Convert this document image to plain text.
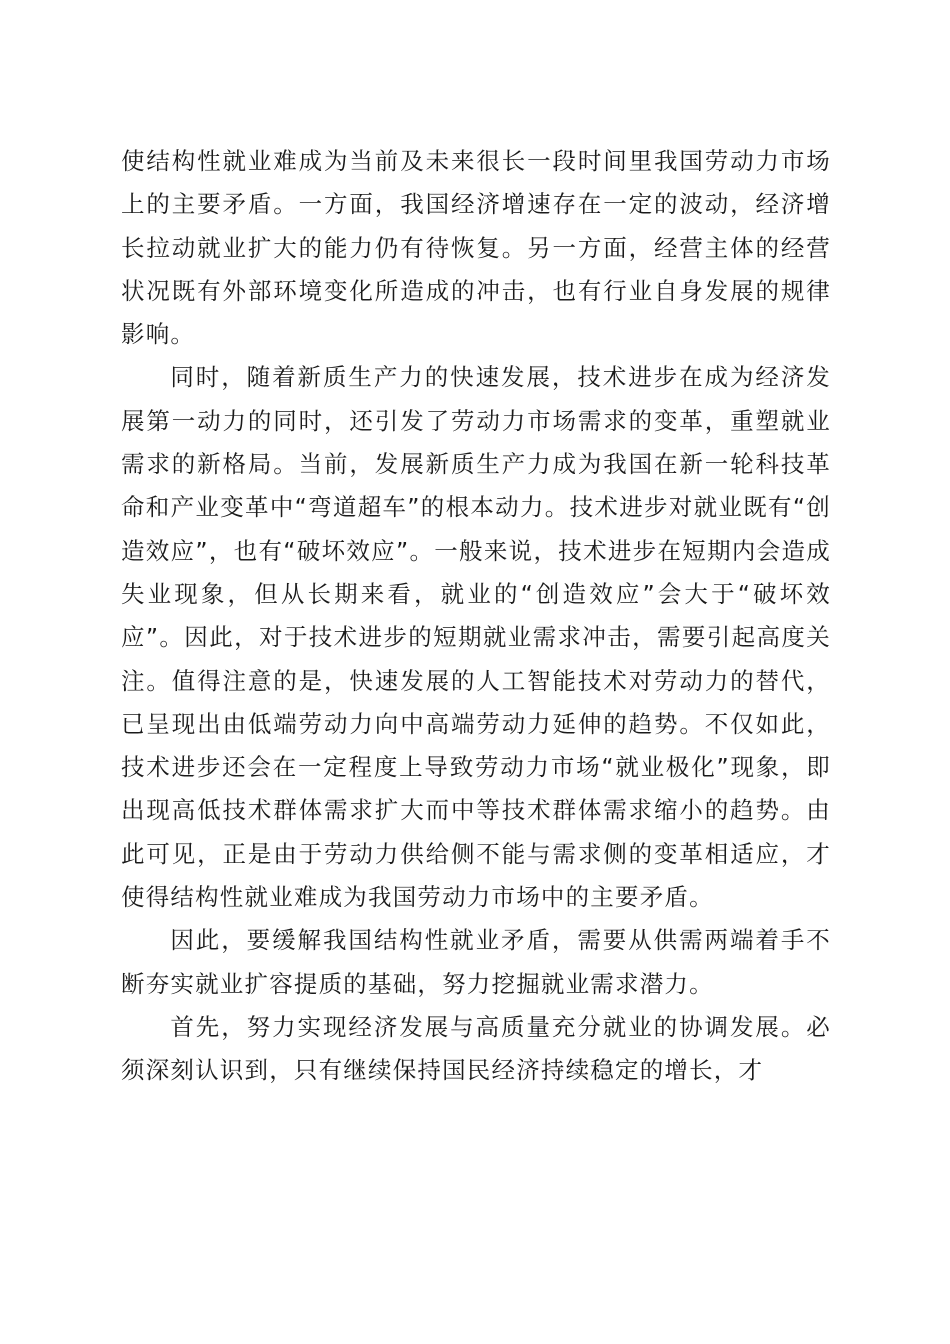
使结构性就业难成为当前及未来很长一段时间里我国劳动力市场上的主要矛盾。一方面，我国经济增速存在一定的波动，经济增长拉动就业扩大的能力仍有待恢复。另一方面，经营主体的经营状况既有外部环境变化所造成的冲击，也有行业自身发展的规律影响。

同时，随着新质生产力的快速发展，技术进步在成为经济发展第一动力的同时，还引发了劳动力市场需求的变革，重塑就业需求的新格局。当前，发展新质生产力成为我国在新一轮科技革命和产业变革中“弯道超车”的根本动力。技术进步对就业既有“创造效应”，也有“破坏效应”。一般来说，技术进步在短期内会造成失业现象，但从长期来看，就业的“创造效应”会大于“破坏效应”。因此，对于技术进步的短期就业需求冲击，需要引起高度关注。值得注意的是，快速发展的人工智能技术对劳动力的替代，已呈现出由低端劳动力向中高端劳动力延伸的趋势。不仅如此，技术进步还会在一定程度上导致劳动力市场“就业极化”现象，即出现高低技术群体需求扩大而中等技术群体需求缩小的趋势。由此可见，正是由于劳动力供给侧不能与需求侧的变革相适应，才使得结构性就业难成为我国劳动力市场中的主要矛盾。

因此，要缓解我国结构性就业矛盾，需要从供需两端着手不断夯实就业扩容提质的基础，努力挖掘就业需求潜力。

首先，努力实现经济发展与高质量充分就业的协调发展。必须深刻认识到，只有继续保持国民经济持续稳定的增长，才
